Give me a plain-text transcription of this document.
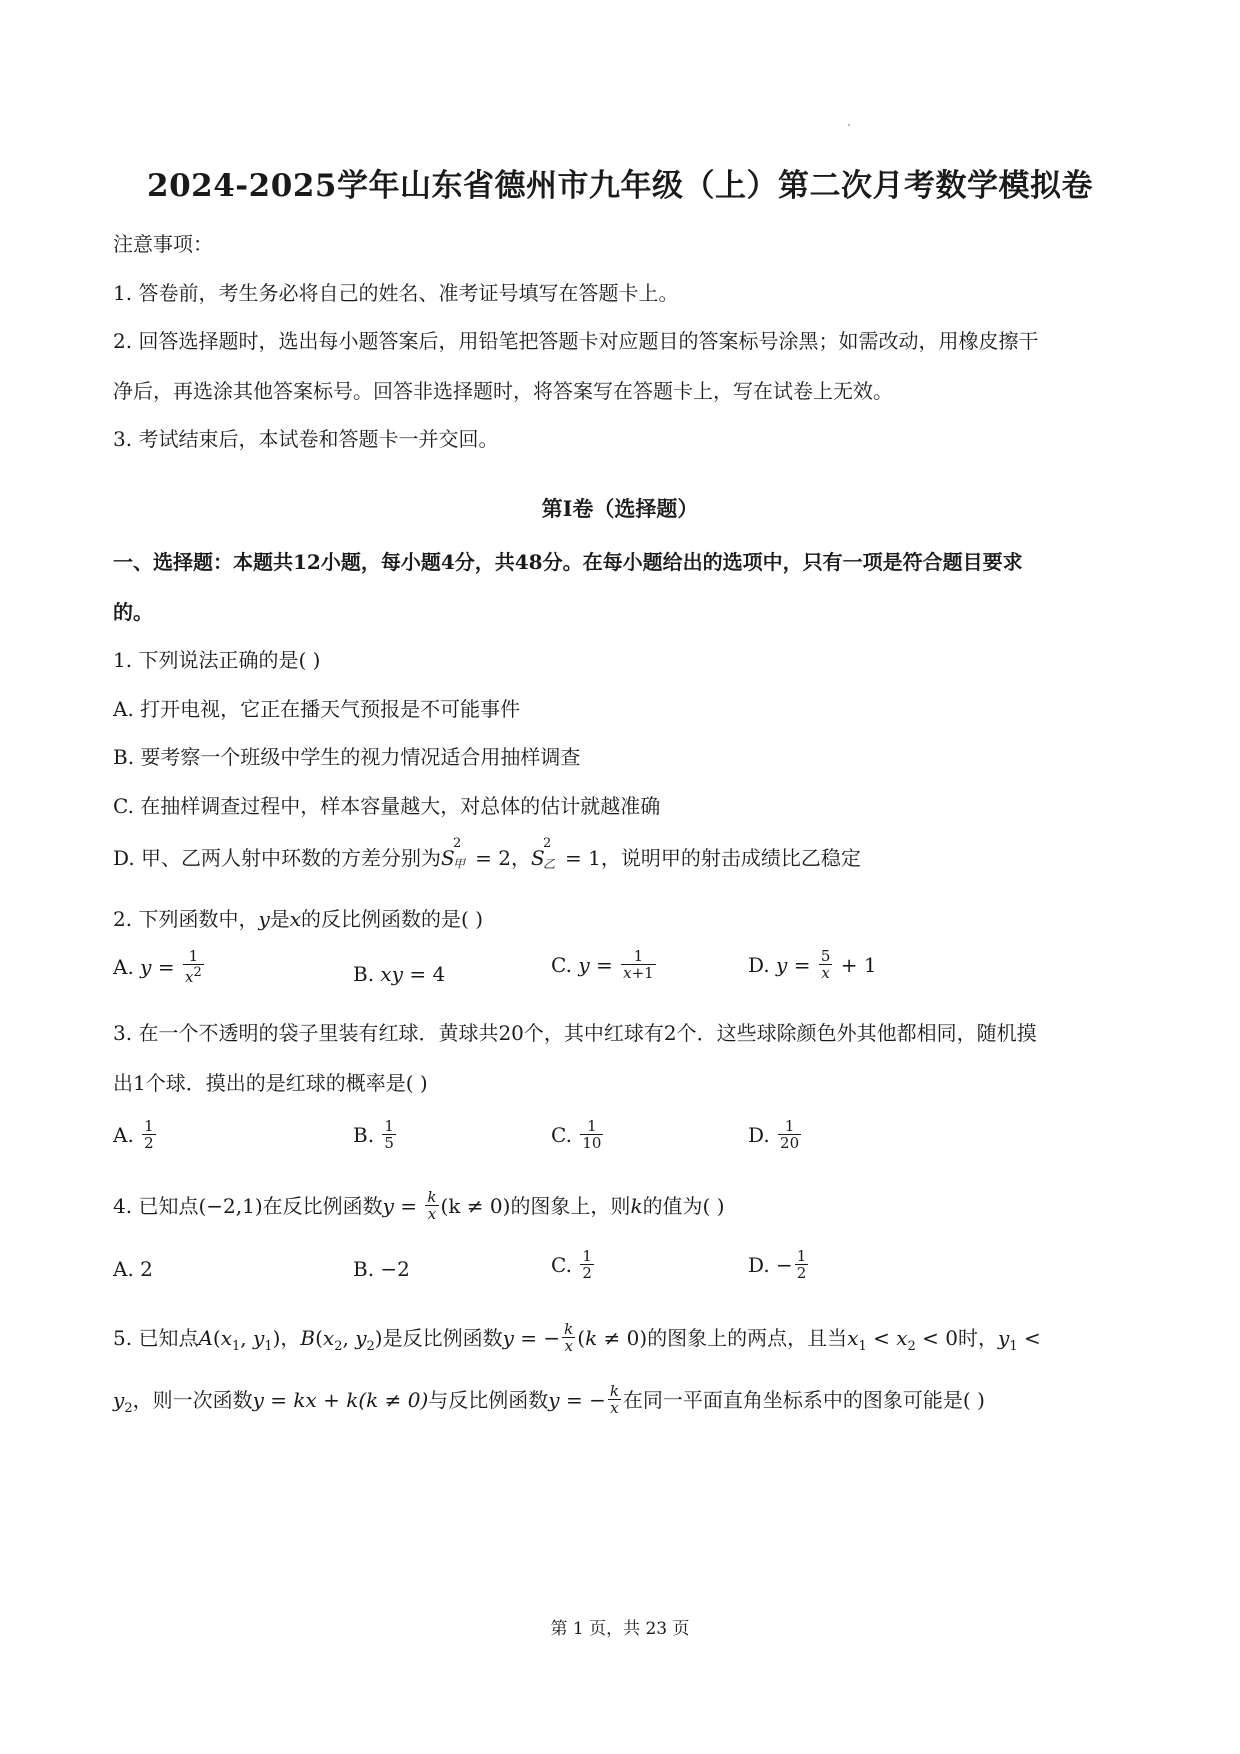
2024-2025学年山东省德州市九年级（上）第二次月考数学模拟卷
注意事项：
1. 答卷前，考生务必将自己的姓名、准考证号填写在答题卡上。
2. 回答选择题时，选出每小题答案后，用铅笔把答题卡对应题目的答案标号涂黑；如需改动，用橡皮擦干
净后，再选涂其他答案标号。回答非选择题时，将答案写在答题卡上，写在试卷上无效。
3. 考试结束后，本试卷和答题卡一并交回。
第I卷（选择题）
一、选择题：本题共12小题，每小题4分，共48分。在每小题给出的选项中，只有一项是符合题目要求
的。
1. 下列说法正确的是( )
A. 打开电视，它正在播天气预报是不可能事件
B. 要考察一个班级中学生的视力情况适合用抽样调查
C. 在抽样调查过程中，样本容量越大，对总体的估计就越准确
D. 甲、乙两人射中环数的方差分别为S
2
甲 = 2，S
2
乙 = 1，说明甲的射击成绩比乙稳定
2. 下列函数中，y是x的反比例函数的是( )
A. $y = \frac{1}{x^2}$	B. xy = 4	C. $y = \frac{1}{x+1}$	D. $y = \frac{5}{x} + 1$
3. 在一个不透明的袋子里装有红球．黄球共20个，其中红球有2个．这些球除颜色外其他都相同，随机摸
出1个球．摸出的是红球的概率是( )
A. $\frac{1}{2}$	B. $\frac{1}{5}$	C. $\frac{1}{10}$	D. $\frac{1}{20}$
4. 已知点(−2,1)在反比例函数$y = \frac{k}{x} (k \ne 0)$的图象上，则k的值为( )
A. 2	B. −2	C. $\frac{1}{2}$	D. − $\frac{1}{2}$
5. 已知点$A(x_1$, $y_1$)，$B(x_2$, $y_2$)是反比例函数y = − $\frac{k}{x} (k \ne 0)$的图象上的两点，且当$x_1 < x_2 < 0$时，$y_1$ <
$y_2$，则一次函数y = kx + k(k ≠ 0)与反比例函数y = − $\frac{k}{x}$ 在同一平面直角坐标系中的图象可能是( )
第 1 页，共 23 页
